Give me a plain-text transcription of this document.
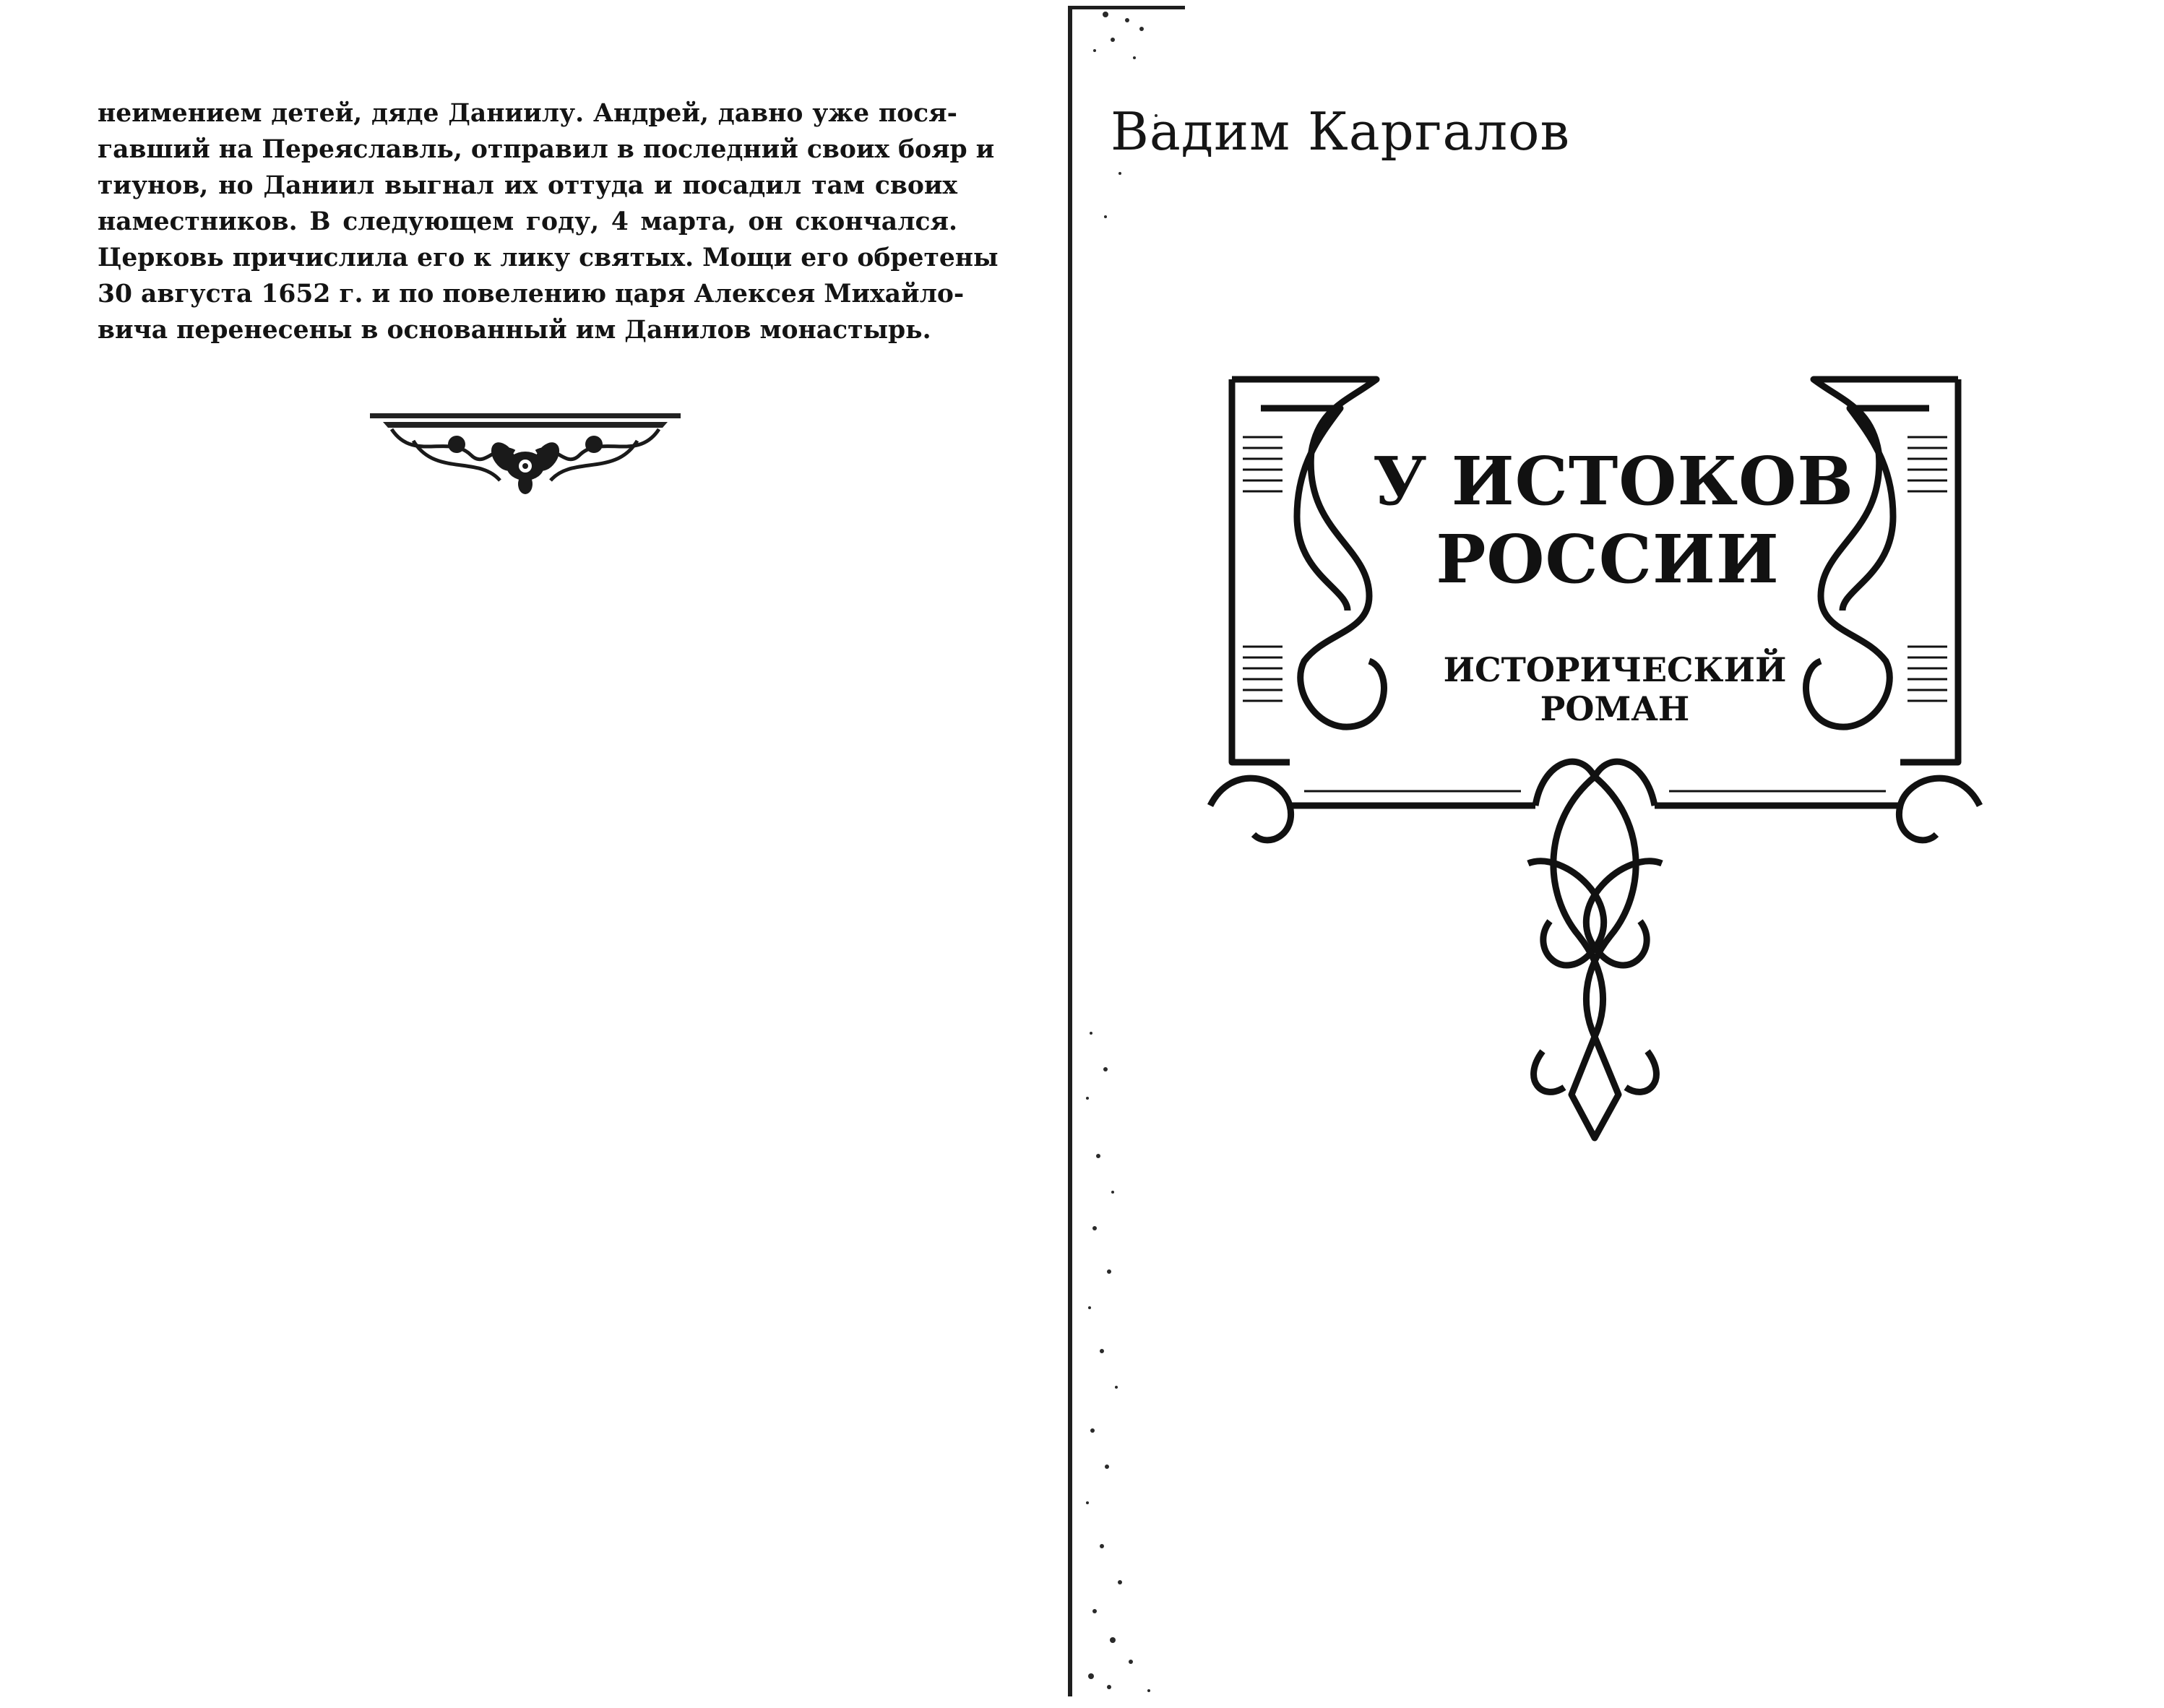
неимением детей, дяде Даниилу. Андрей, давно уже пося-
гавший на Переяславль, отправил в последний своих бояр и
тиунов, но Даниил выгнал их оттуда и посадил там своих
наместников. В следующем году, 4 марта, он скончался.
Церковь причислила его к лику святых. Мощи его обретены
30 августа 1652 г. и по повелению царя Алексея Михайло-
вича перенесены в основанный им Данилов монастырь.

Вадим Каргалов
У ИСТОКОВ
РОССИИ
ИСТОРИЧЕСКИЙ
РОМАН
